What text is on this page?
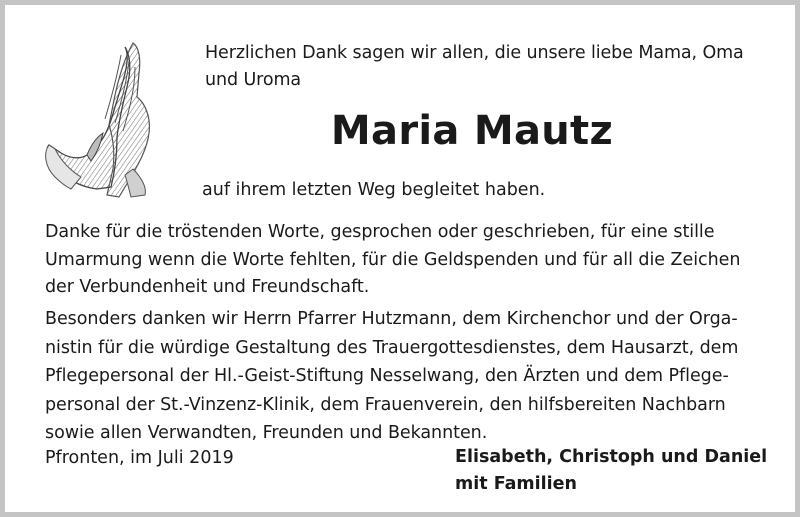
Herzlichen Dank sagen wir allen, die unsere liebe Mama, Oma
und Uroma
Maria Mautz
auf ihrem letzten Weg begleitet haben.
Danke für die tröstenden Worte, gesprochen oder geschrieben, für eine stille
Umarmung wenn die Worte fehlten, für die Geldspenden und für all die Zeichen
der Verbundenheit und Freundschaft.
Besonders danken wir Herrn Pfarrer Hutzmann, dem Kirchenchor und der Orga-
nistin für die würdige Gestaltung des Trauergottesdienstes, dem Hausarzt, dem
Pflegepersonal der Hl.-Geist-Stiftung Nesselwang, den Ärzten und dem Pflege-
personal der St.-Vinzenz-Klinik, dem Frauenverein, den hilfsbereiten Nachbarn
sowie allen Verwandten, Freunden und Bekannten.
Pfronten, im Juli 2019	Elisabeth, Christoph und Daniel
mit Familien
